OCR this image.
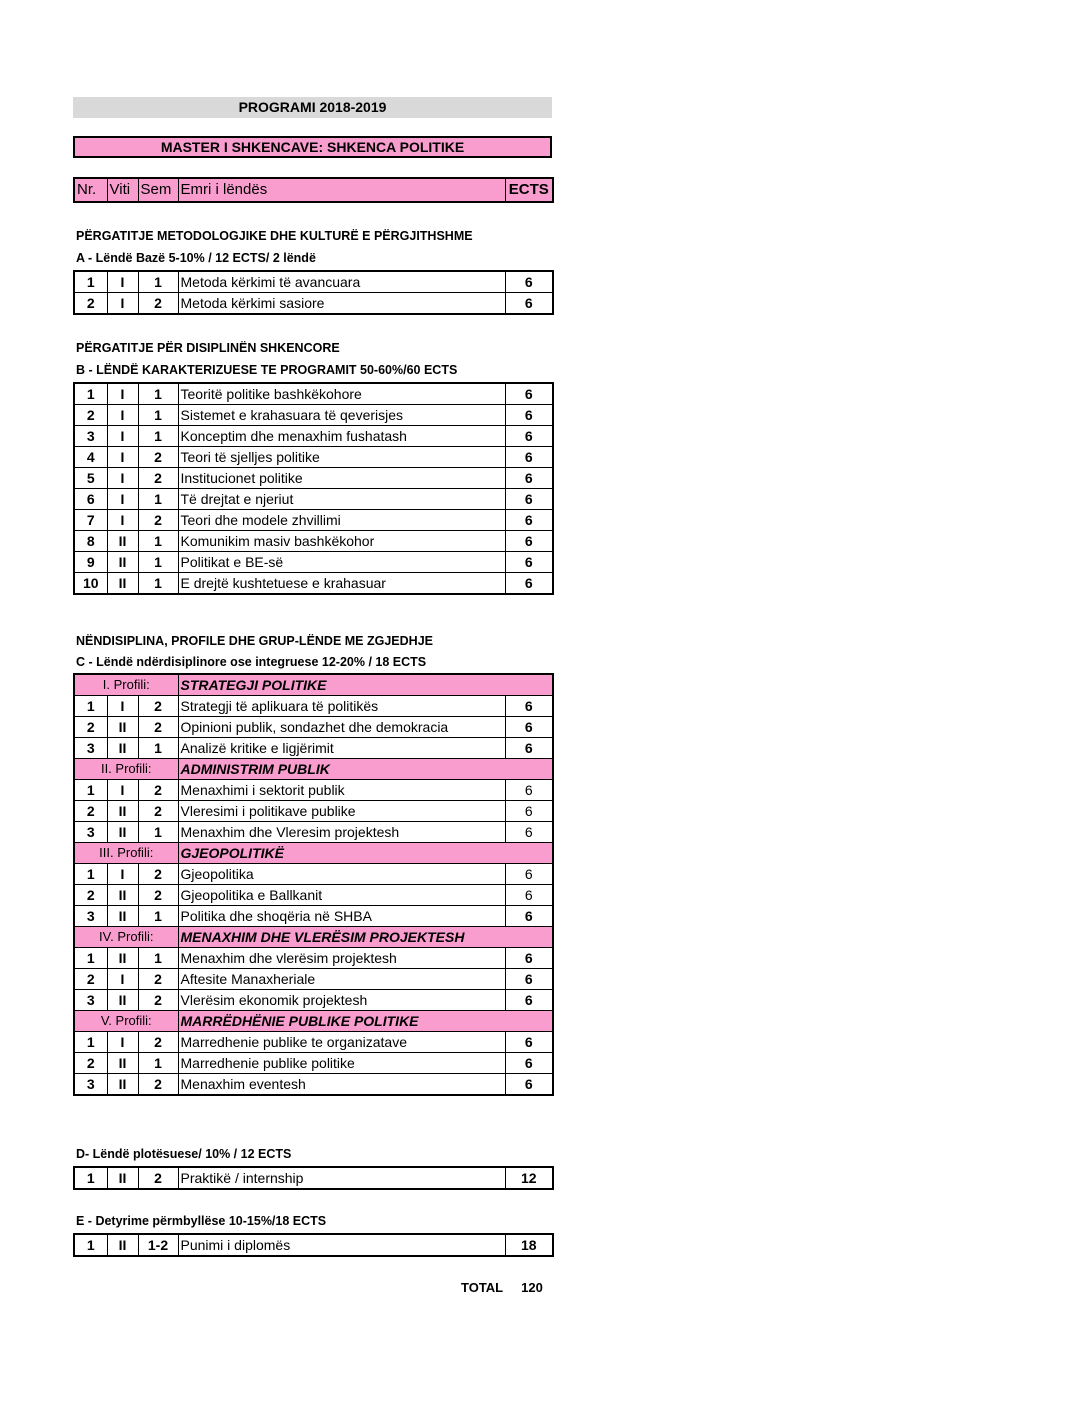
PROGRAMI 2018-2019
MASTER I SHKENCAVE: SHKENCA POLITIKE
Nr.	Viti	Sem	Emri i lëndës	ECTS
PËRGATITJE METODOLOGJIKE DHE KULTURË E PËRGJITHSHME
A - Lëndë Bazë 5-10% / 12 ECTS/ 2 lëndë
1	I	1	Metoda kërkimi të avancuara	6
2	I	2	Metoda kërkimi sasiore	6
PËRGATITJE PËR DISIPLINËN SHKENCORE
B - LËNDË KARAKTERIZUESE TE PROGRAMIT 50-60%/60 ECTS
1	I	1	Teoritë politike bashkëkohore	6
2	I	1	Sistemet e krahasuara të qeverisjes	6
3	I	1	Konceptim dhe menaxhim fushatash	6
4	I	2	Teori të sjelljes politike	6
5	I	2	Institucionet politike	6
6	I	1	Të drejtat e njeriut	6
7	I	2	Teori dhe modele zhvillimi	6
8	II	1	Komunikim masiv bashkëkohor	6
9	II	1	Politikat e BE-së	6
10	II	1	E drejtë kushtetuese e krahasuar	6
NËNDISIPLINA, PROFILE DHE GRUP-LËNDE ME ZGJEDHJE
C - Lëndë ndërdisiplinore ose integruese 12-20% / 18 ECTS
I. Profili:			STRATEGJI POLITIKE	
1	I	2	Strategji të aplikuara të politikës	6
2	II	2	Opinioni publik, sondazhet dhe demokracia	6
3	II	1	Analizë kritike e ligjërimit	6
II. Profili:			ADMINISTRIM PUBLIK	
1	I	2	Menaxhimi i sektorit publik	6
2	II	2	Vleresimi i politikave publike	6
3	II	1	Menaxhim dhe Vleresim projektesh	6
III. Profili:			GJEOPOLITIKË	
1	I	2	Gjeopolitika	6
2	II	2	Gjeopolitika e Ballkanit	6
3	II	1	Politika dhe shoqëria në SHBA	6
IV. Profili:			MENAXHIM DHE VLERËSIM PROJEKTESH	
1	II	1	Menaxhim dhe vlerësim projektesh	6
2	I	2	Aftesite Manaxheriale	6
3	II	2	Vlerësim ekonomik projektesh	6
V. Profili:			MARRËDHËNIE PUBLIKE POLITIKE	
1	I	2	Marredhenie publike te organizatave	6
2	II	1	Marredhenie publike politike	6
3	II	2	Menaxhim eventesh	6
D- Lëndë plotësuese/ 10% / 12 ECTS
1	II	2	Praktikë / internship	12
E - Detyrime përmbyllëse 10-15%/18 ECTS
1	II	1-2	Punimi i diplomës	18
TOTAL 120
